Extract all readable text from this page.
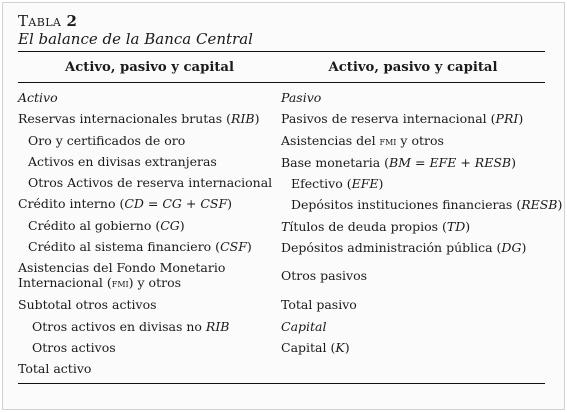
Tabla 2
El balance de la Banca Central
Activo, pasivo y capital	Activo, pasivo y capital
Activo
Reservas internacionales brutas (RIB)
Oro y certificados de oro
Activos en divisas extranjeras
Otros Activos de reserva internacional
Crédito interno (CD = CG + CSF)
Crédito al gobierno (CG)
Crédito al sistema financiero (CSF)
Asistencias del Fondo Monetario Internacional (fmi) y otros
Subtotal otros activos
Otros activos en divisas no RIB
Otros activos
Total activo
Pasivo
Pasivos de reserva internacional (PRI)
Asistencias del fmi y otros
Base monetaria (BM = EFE + RESB)
Efectivo (EFE)
Depósitos instituciones financieras (RESB
Títulos de deuda propios (TD)
Depósitos administración pública (DG)
Otros pasivos
Total pasivo
Capital
Capital (K)
